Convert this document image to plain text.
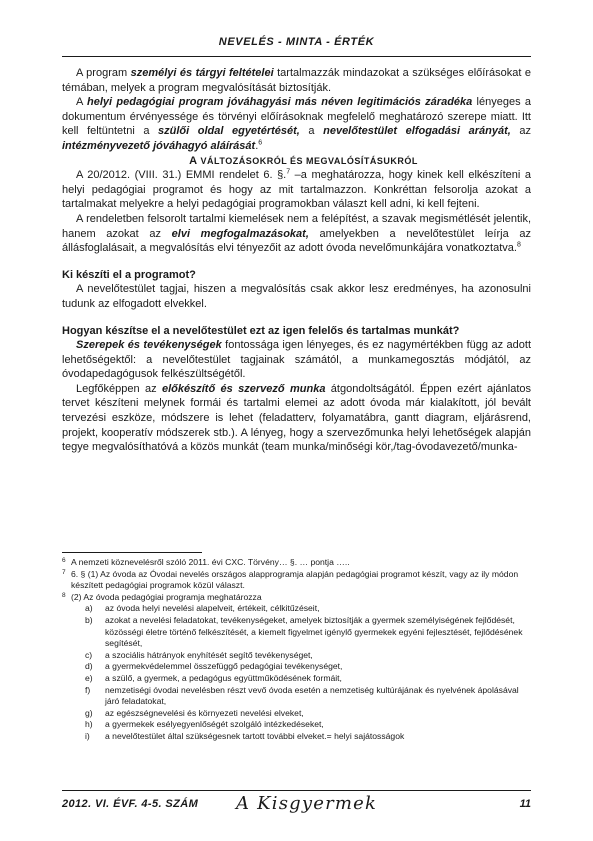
NEVELÉS - MINTA - ÉRTÉK

A program személyi és tárgyi feltételei tartalmazzák mindazokat a szükséges előírásokat e témában, melyek a program megvalósítását biztosítják.

A helyi pedagógiai program jóváhagyási más néven legitimációs záradéka lényeges a dokumentum érvényessége és törvényi előírásoknak megfelelő meghatározó szerepe miatt. Itt kell feltüntetni a szülői oldal egyetértését, a nevelőtestület elfogadási arányát, az intézményvezető jóváhagyó aláírását.$^6$

A VÁLTOZÁSOKRÓL ÉS MEGVALÓSÍTÁSUKRÓL

A 20/2012. (VIII. 31.) EMMI rendelet 6. §.$^7$ –a meghatározza, hogy kinek kell elkészíteni a helyi pedagógiai programot és hogy az mit tartalmazzon. Konkréttan felsorolja azokat a tartalmakat melyekre a helyi pedagógiai programokban választ kell adni, ki kell fejteni.

A rendeletben felsorolt tartalmi kiemelések nem a felépítést, a szavak megismétlését jelentik, hanem azokat az elvi megfogalmazásokat, amelyekben a nevelőtestület leírja az állásfoglalásait, a megvalósítás elvi tényezőit az adott óvoda nevelőmunkájára vonatkoztatva.$^8$

Ki készíti el a programot?

A nevelőtestület tagjai, hiszen a megvalósítás csak akkor lesz eredményes, ha azonosulni tudunk az elfogadott elvekkel.

Hogyan készítse el a nevelőtestület ezt az igen felelős és tartalmas munkát?

Szerepek és tevékenységek fontossága igen lényeges, és ez nagymértékben függ az adott lehetőségektől: a nevelőtestület tagjainak számától, a munkamegosztás módjától, az óvodapedagógusok felkészültségétől.

Legfőképpen az előkészítő és szervező munka átgondoltságától. Éppen ezért ajánlatos tervet készíteni melynek formái és tartalmi elemei az adott óvoda már kialakított, jól bevált tervezési eszköze, módszere is lehet (feladatterv, folyamatábra, gantt diagram, eljárásrend, projekt, kooperatív módszerek stb.). A lényeg, hogy a szervezőmunka helyi lehetőségek alapján tegye megvalósíthatóvá a közös munkát (team munka/minőségi kör,/tag-óvodavezető/munka-

6 A nemzeti köznevelésről szóló 2011. évi CXC. Törvény… §. … pontja …..
7 6. § (1) Az óvoda az Óvodai nevelés országos alapprogramja alapján pedagógiai programot készít, vagy az ily módon készített pedagógiai programok közül választ.
8 (2) Az óvoda pedagógiai programja meghatározza
a) az óvoda helyi nevelési alapelveit, értékeit, célkitűzéseit,
b) azokat a nevelési feladatokat, tevékenységeket, amelyek biztosítják a gyermek személyiségének fejlődését, közösségi életre történő felkészítését, a kiemelt figyelmet igénylő gyermekek egyéni fejlesztését, fejlődésének segítését,
c) a szociális hátrányok enyhítését segítő tevékenységet,
d) a gyermekvédelemmel összefüggő pedagógiai tevékenységet,
e) a szülő, a gyermek, a pedagógus együttműködésének formáit,
f) nemzetiségi óvodai nevelésben részt vevő óvoda esetén a nemzetiség kultúrájának és nyelvének ápolásával járó feladatokat,
g) az egészségnevelési és környezeti nevelési elveket,
h) a gyermekek esélyegyenlőségét szolgáló intézkedéseket,
i) a nevelőtestület által szükségesnek tartott további elveket.= helyi sajátosságok
2012. VI. ÉVF. 4-5. SZÁM A Kisgyermek	11
